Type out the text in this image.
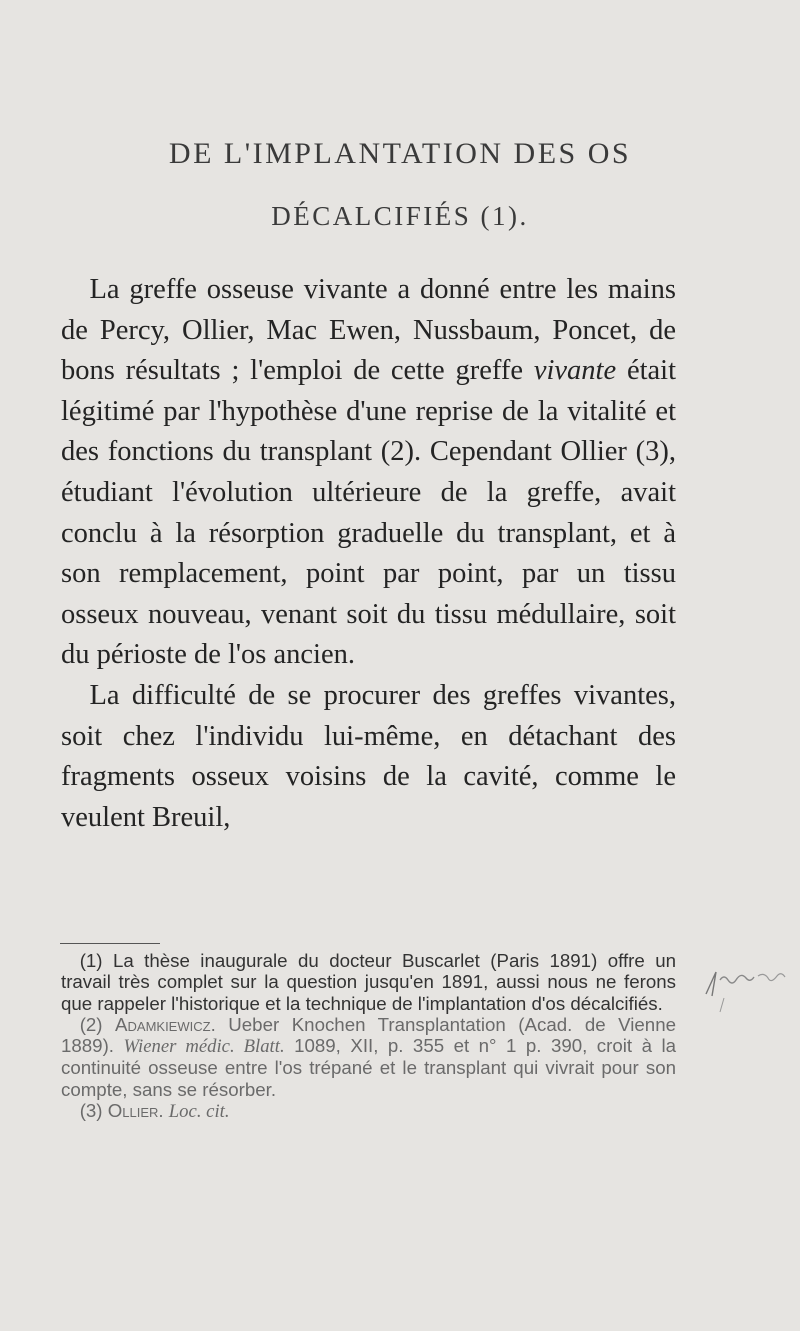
DE L'IMPLANTATION DES OS
DÉCALCIFIÉS (1).

 La greffe osseuse vivante a donné entre les mains de Percy, Ollier, Mac Ewen, Nussbaum, Poncet, de bons résultats ; l'emploi de cette greffe vivante était légitimé par l'hypothèse d'une reprise de la vitalité et des fonctions du transplant (2). Cependant Ollier (3), étudiant l'évolution ultérieure de la greffe, avait conclu à la résorption graduelle du transplant, et à son remplacement, point par point, par un tissu osseux nouveau, venant soit du tissu médullaire, soit du périoste de l'os ancien.

 La difficulté de se procurer des greffes vivantes, soit chez l'individu lui-même, en détachant des fragments osseux voisins de la cavité, comme le veulent Breuil,

 (1) La thèse inaugurale du docteur Buscarlet (Paris 1891) offre un travail très complet sur la question jusqu'en 1891, aussi nous ne ferons que rappeler l'historique et la technique de l'implantation d'os décalcifiés.

 (2) Adamkiewicz. Ueber Knochen Transplantation (Acad. de Vienne 1889). Wiener médic. Blatt. 1089, XII, p. 355 et n° 1 p. 390, croit à la continuité osseuse entre l'os trépané et le transplant qui vivrait pour son compte, sans se résorber.

 (3) Ollier. Loc. cit.
